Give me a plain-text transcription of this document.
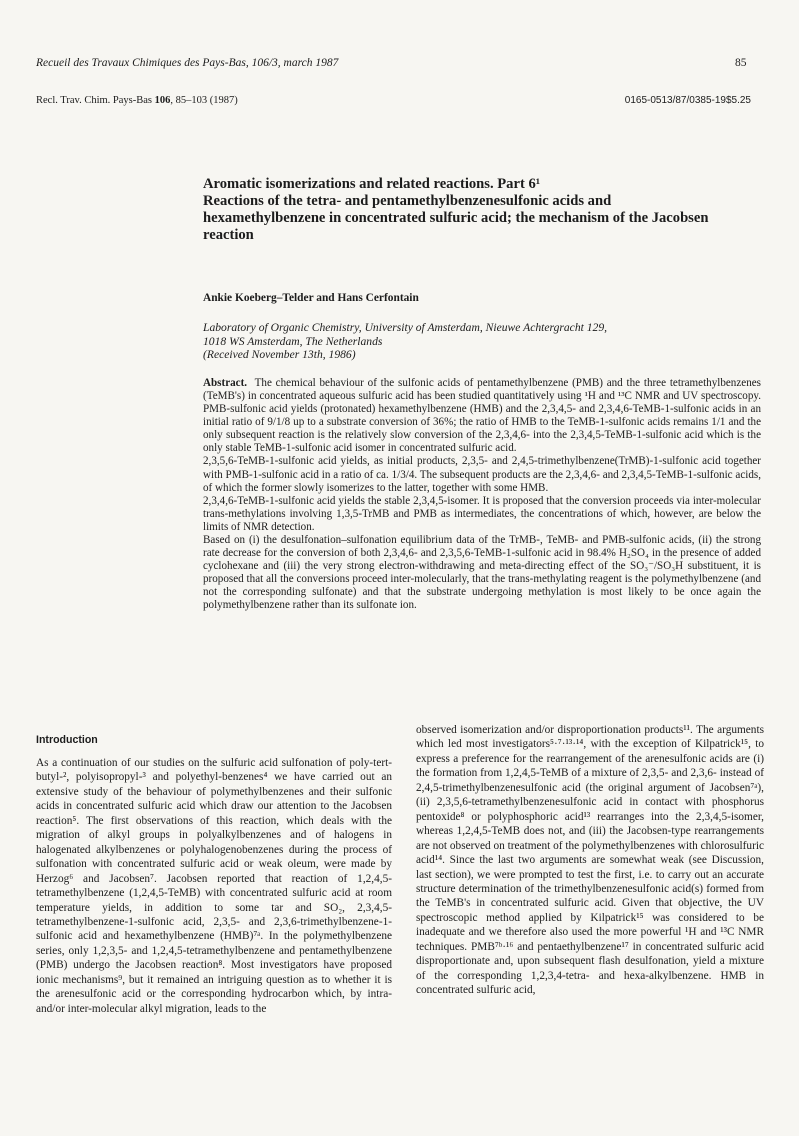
Recueil des Travaux Chimiques des Pays-Bas, 106/3, march 1987	85
Recl. Trav. Chim. Pays-Bas 106, 85–103 (1987)	0165-0513/87/0385-19$5.25
Aromatic isomerizations and related reactions. Part 6¹
Reactions of the tetra- and pentamethylbenzenesulfonic acids and
hexamethylbenzene in concentrated sulfuric acid; the mechanism of the Jacobsen
reaction
Ankie Koeberg–Telder and Hans Cerfontain
Laboratory of Organic Chemistry, University of Amsterdam, Nieuwe Achtergracht 129,
1018 WS Amsterdam, The Netherlands
(Received November 13th, 1986)

Abstract. The chemical behaviour of the sulfonic acids of pentamethylbenzene (PMB) and the three tetramethylbenzenes (TeMB's) in concentrated aqueous sulfuric acid has been studied quantitatively using ¹H and ¹³C NMR and UV spectroscopy. PMB-sulfonic acid yields (protonated) hexamethylbenzene (HMB) and the 2,3,4,5- and 2,3,4,6-TeMB-1-sulfonic acids in an initial ratio of 9/1/8 up to a substrate conversion of 36%; the ratio of HMB to the TeMB-1-sulfonic acids remains 1/1 and the only subsequent reaction is the relatively slow conversion of the 2,3,4,6- into the 2,3,4,5-TeMB-1-sulfonic acid which is the only stable TeMB-1-sulfonic acid isomer in concentrated sulfuric acid.

2,3,5,6-TeMB-1-sulfonic acid yields, as initial products, 2,3,5- and 2,4,5-trimethylbenzene(TrMB)-1-sulfonic acid together with PMB-1-sulfonic acid in a ratio of ca. 1/3/4. The subsequent products are the 2,3,4,6- and 2,3,4,5-TeMB-1-sulfonic acids, of which the former slowly isomerizes to the latter, together with some HMB.

2,3,4,6-TeMB-1-sulfonic acid yields the stable 2,3,4,5-isomer. It is proposed that the conversion proceeds via inter-molecular trans-methylations involving 1,3,5-TrMB and PMB as intermediates, the concentrations of which, however, are below the limits of NMR detection.

Based on (i) the desulfonation–sulfonation equilibrium data of the TrMB-, TeMB- and PMB-sulfonic acids, (ii) the strong rate decrease for the conversion of both 2,3,4,6- and 2,3,5,6-TeMB-1-sulfonic acid in 98.4% H₂SO₄ in the presence of added cyclohexane and (iii) the very strong electron-withdrawing and meta-directing effect of the SO₃⁻/SO₃H substituent, it is proposed that all the conversions proceed inter-molecularly, that the trans-methylating reagent is the polymethylbenzene (and not the corresponding sulfonate) and that the substrate undergoing methylation is most likely to be once again the polymethylbenzene rather than its sulfonate ion.

Introduction

As a continuation of our studies on the sulfuric acid sulfonation of poly-tert-butyl-², polyisopropyl-³ and polyethyl-benzenes⁴ we have carried out an extensive study of the behaviour of polymethylbenzenes and their sulfonic acids in concentrated sulfuric acid which draw our attention to the Jacobsen reaction⁵. The first observations of this reaction, which deals with the migration of alkyl groups in polyalkylbenzenes and of halogens in halogenated alkylbenzenes or polyhalogenobenzenes during the process of sulfonation with concentrated sulfuric acid or weak oleum, were made by Herzog⁶ and Jacobsen⁷. Jacobsen reported that reaction of 1,2,4,5-tetramethylbenzene (1,2,4,5-TeMB) with concentrated sulfuric acid at room temperature yields, in addition to some tar and SO₂, 2,3,4,5-tetramethylbenzene-1-sulfonic acid, 2,3,5- and 2,3,6-trimethylbenzene-1-sulfonic acid and hexamethylbenzene (HMB)⁷ᵃ. In the polymethylbenzene series, only 1,2,3,5- and 1,2,4,5-tetramethylbenzene and pentamethylbenzene (PMB) undergo the Jacobsen reaction⁸. Most investigators have proposed ionic mechanisms⁹, but it remained an intriguing question as to whether it is the arenesulfonic acid or the corresponding hydrocarbon which, by intra- and/or inter-molecular alkyl migration, leads to the

observed isomerization and/or disproportionation products¹¹. The arguments which led most investigators⁵·⁷·¹³·¹⁴, with the exception of Kilpatrick¹⁵, to express a preference for the rearrangement of the arenesulfonic acids are (i) the formation from 1,2,4,5-TeMB of a mixture of 2,3,5- and 2,3,6- instead of 2,4,5-trimethylbenzenesulfonic acid (the original argument of Jacobsen⁷ᵃ), (ii) 2,3,5,6-tetramethylbenzenesulfonic acid in contact with phosphorus pentoxide⁸ or polyphosphoric acid¹³ rearranges into the 2,3,4,5-isomer, whereas 1,2,4,5-TeMB does not, and (iii) the Jacobsen-type rearrangements are not observed on treatment of the polymethylbenzenes with chlorosulfuric acid¹⁴. Since the last two arguments are somewhat weak (see Discussion, last section), we were prompted to test the first, i.e. to carry out an accurate structure determination of the trimethylbenzenesulfonic acid(s) formed from the TeMB's in concentrated sulfuric acid. Given that objective, the UV spectroscopic method applied by Kilpatrick¹⁵ was considered to be inadequate and we therefore also used the more powerful ¹H and ¹³C NMR techniques. PMB⁷ᵇ·¹⁶ and pentaethylbenzene¹⁷ in concentrated sulfuric acid disproportionate and, upon subsequent flash desulfonation, yield a mixture of the corresponding 1,2,3,4-tetra- and hexa-alkylbenzene. HMB in concentrated sulfuric acid,
